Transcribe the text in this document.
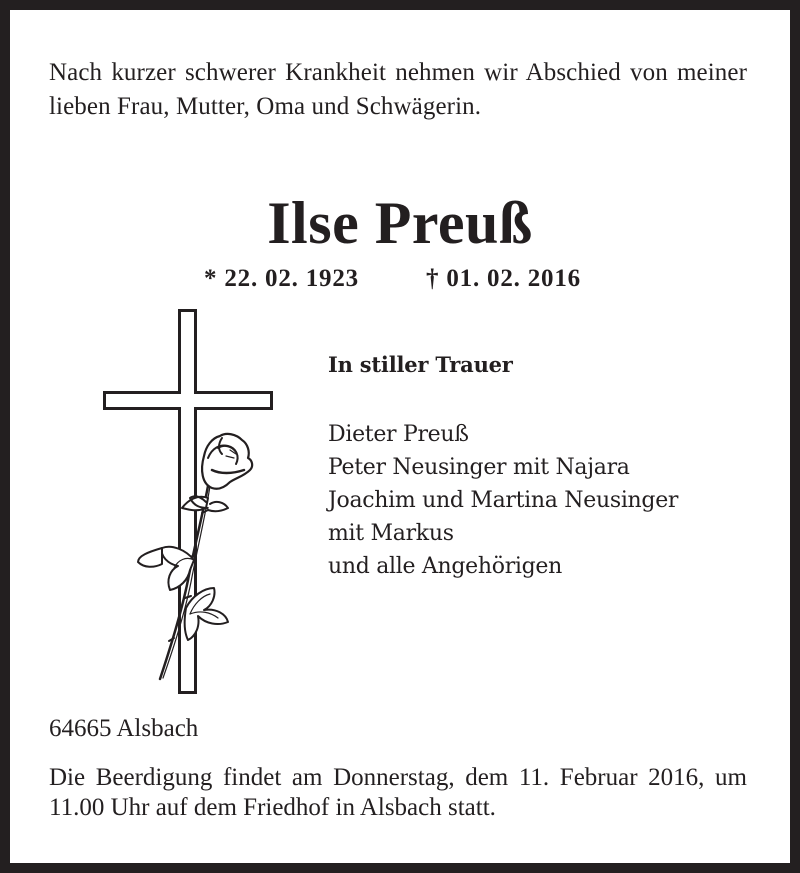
Nach kurzer schwerer Krankheit nehmen wir Abschied von meiner lieben Frau, Mutter, Oma und Schwägerin.

Ilse Preuß
* 22. 02. 1923	† 01. 02. 2016

In stiller Trauer

Dieter Preuß
Peter Neusinger mit Najara
Joachim und Martina Neusinger
mit Markus
und alle Angehörigen

64665 Alsbach

Die Beerdigung findet am Donnerstag, dem 11. Februar 2016, um 11.00 Uhr auf dem Friedhof in Alsbach statt.
